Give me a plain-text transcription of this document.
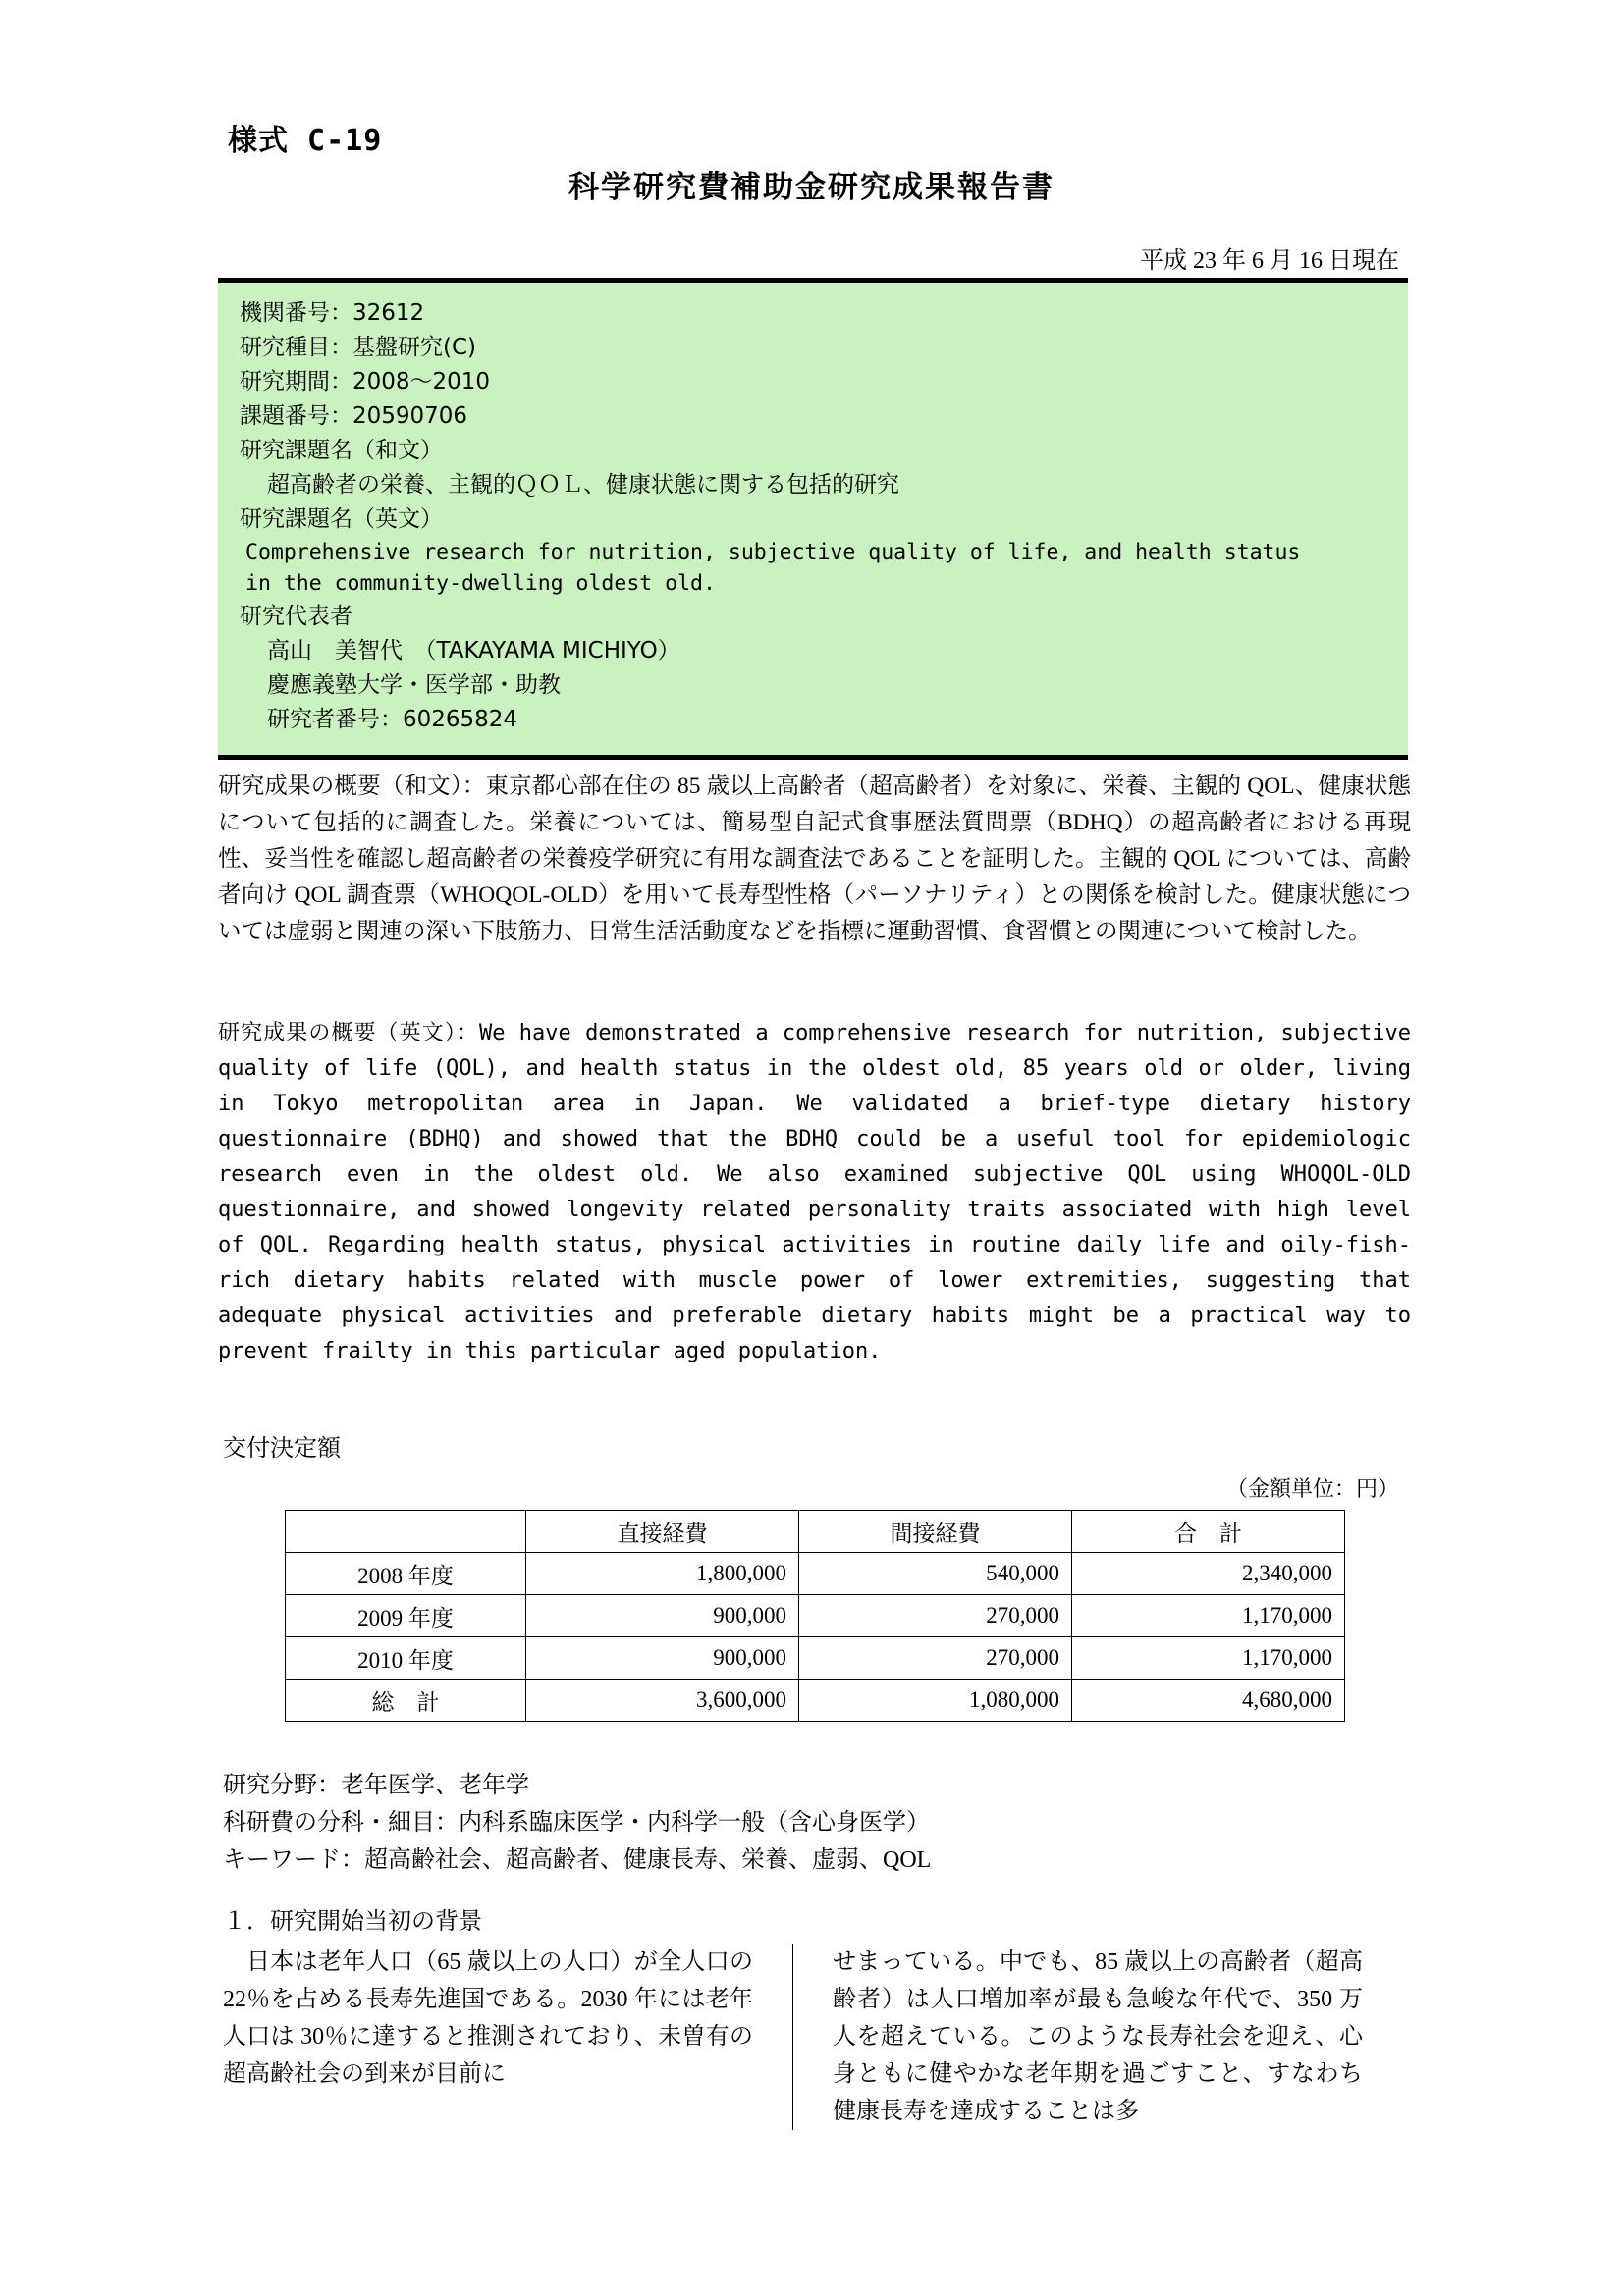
様式 C-19
科学研究費補助金研究成果報告書
平成 23 年 6 月 16 日現在
機関番号：32612
研究種目：基盤研究(C)
研究期間：2008～2010
課題番号：20590706
研究課題名（和文）
超高齢者の栄養、主観的ＱＯＬ、健康状態に関する包括的研究
研究課題名（英文）
Comprehensive research for nutrition, subjective quality of life, and health status
in the community-dwelling oldest old.
研究代表者
高山　美智代　（TAKAYAMA MICHIYO）
慶應義塾大学・医学部・助教
研究者番号：60265824
研究成果の概要（和文）：東京都心部在住の 85 歳以上高齢者（超高齢者）を対象に、栄養、主観的 QOL、健康状態について包括的に調査した。栄養については、簡易型自記式食事歴法質問票（BDHQ）の超高齢者における再現性、妥当性を確認し超高齢者の栄養疫学研究に有用な調査法であることを証明した。主観的 QOL については、高齢者向け QOL 調査票（WHOQOL-OLD）を用いて長寿型性格（パーソナリティ）との関係を検討した。健康状態については虚弱と関連の深い下肢筋力、日常生活活動度などを指標に運動習慣、食習慣との関連について検討した。
研究成果の概要（英文）：We have demonstrated a comprehensive research for nutrition, subjective quality of life (QOL), and health status in the oldest old, 85 years old or older, living in Tokyo metropolitan area in Japan. We validated a brief-type dietary history questionnaire (BDHQ) and showed that the BDHQ could be a useful tool for epidemiologic research even in the oldest old. We also examined subjective QOL using WHOQOL-OLD questionnaire, and showed longevity related personality traits associated with high level of QOL. Regarding health status, physical activities in routine daily life and oily-fish-rich dietary habits related with muscle power of lower extremities, suggesting that adequate physical activities and preferable dietary habits might be a practical way to prevent frailty in this particular aged population.
交付決定額
（金額単位：円）
	直接経費	間接経費	合　計
2008 年度	1,800,000	540,000	2,340,000
2009 年度	900,000	270,000	1,170,000
2010 年度	900,000	270,000	1,170,000
総　計	3,600,000	1,080,000	4,680,000
研究分野：老年医学、老年学
科研費の分科・細目：内科系臨床医学・内科学一般（含心身医学）
キーワード：超高齢社会、超高齢者、健康長寿、栄養、虚弱、QOL
１．研究開始当初の背景
日本は老年人口（65 歳以上の人口）が全人口の 22％を占める長寿先進国である。2030 年には老年人口は 30％に達すると推測されており、未曽有の超高齢社会の到来が目前に
せまっている。中でも、85 歳以上の高齢者（超高齢者）は人口増加率が最も急峻な年代で、350 万人を超えている。このような長寿社会を迎え、心身ともに健やかな老年期を過ごすこと、すなわち健康長寿を達成することは多
